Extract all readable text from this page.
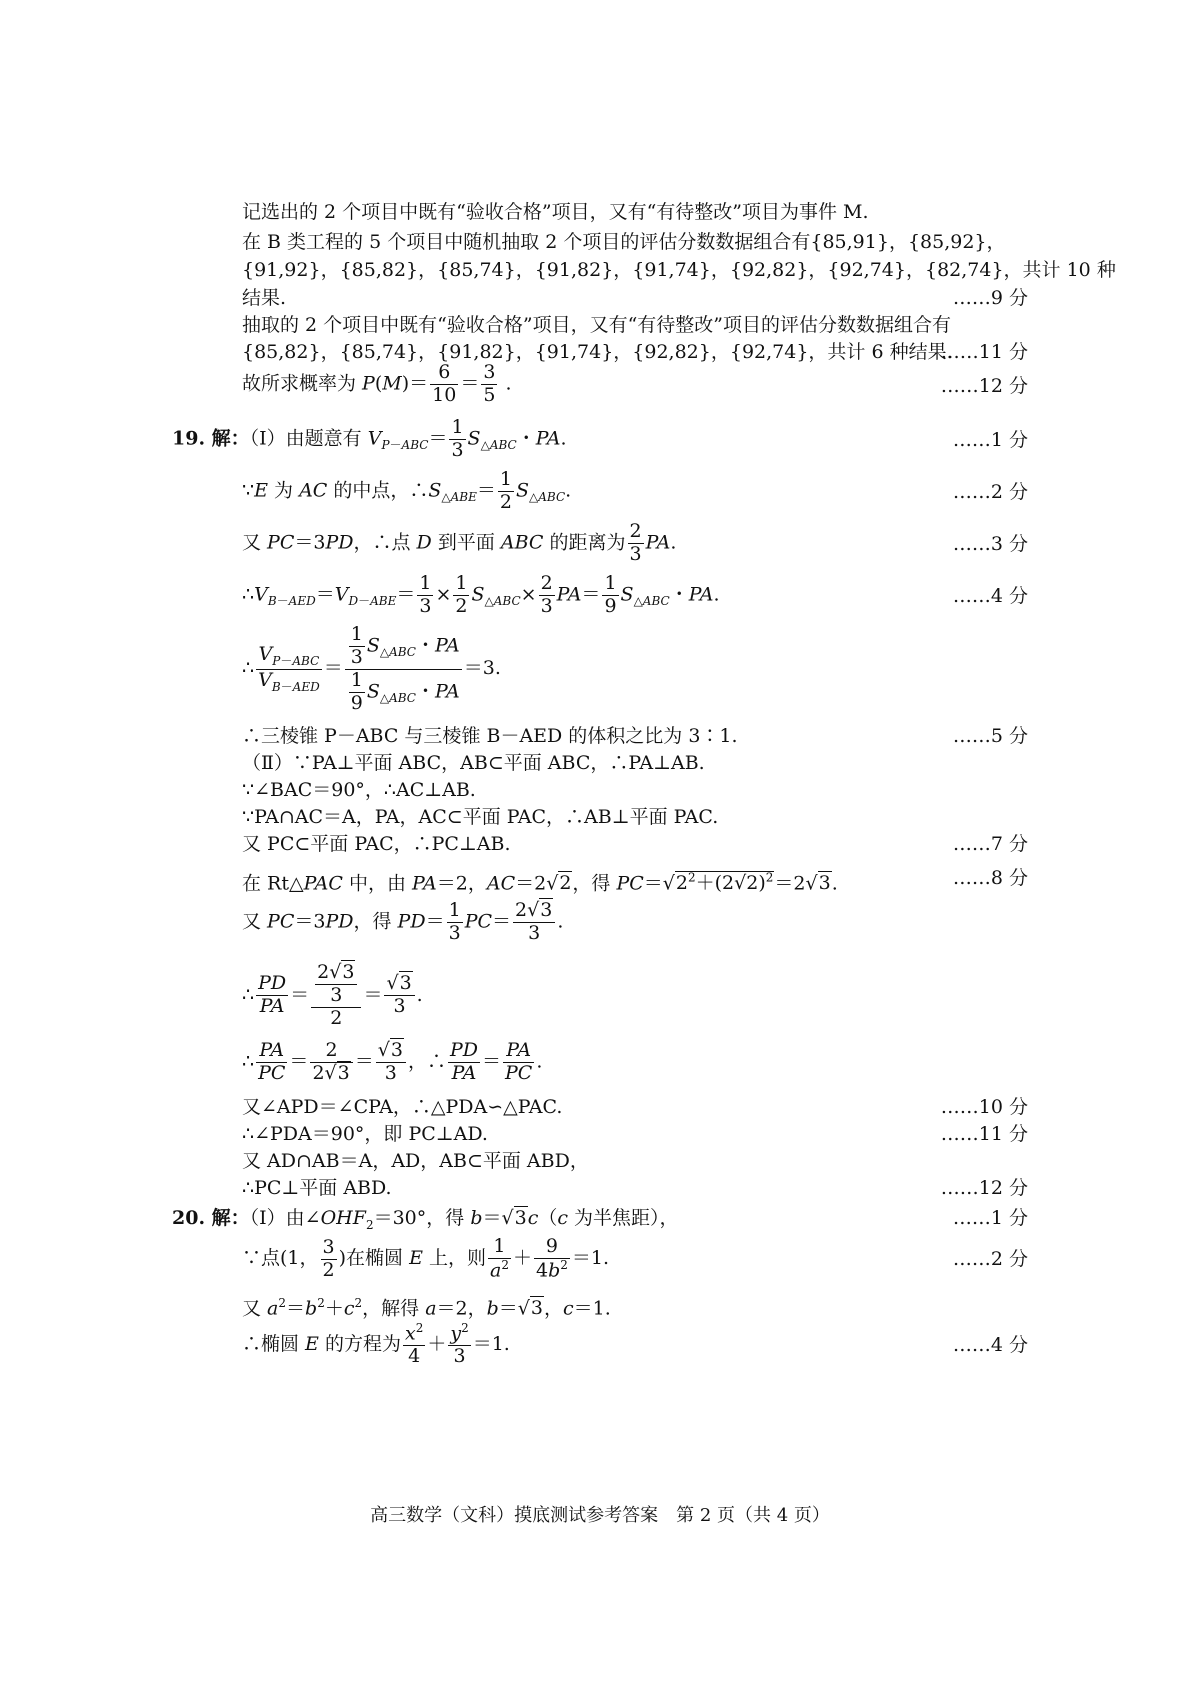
记选出的 2 个项目中既有“验收合格”项目，又有“有待整改”项目为事件 M.
在 B 类工程的 5 个项目中随机抽取 2 个项目的评估分数数据组合有{85,91}，{85,92}，
{91,92}，{85,82}，{85,74}，{91,82}，{91,74}，{92,82}，{92,74}，{82,74}，共计 10 种
结果.	……9 分
抽取的 2 个项目中既有“验收合格”项目，又有“有待整改”项目的评估分数数据组合有
{85,82}，{85,74}，{91,82}，{91,74}，{92,82}，{92,74}，共计 6 种结果.
……11 分
故所求概率为 $P(M)= \frac{6}{10} = \frac{3}{5}$ .	……12 分
19. 解：（Ⅰ）由题意有 $V_{P-ABC}= \frac{1}{3} S_{\triangle ABC}$・PA.	……1 分
∵E 为 AC 的中点，$\therefore S_{\triangle ABE}= \frac{1}{2} S_{\triangle ABC}$.	……2 分
又 PC＝3PD，∴点 D 到平面 ABC 的距离为 $\frac{2}{3}$ PA.	……3 分
$\therefore V_{B-AED}=V_{D-ABE}= \frac{1}{3} \times \frac{1}{2} S_{\triangle ABC}\times \frac{2}{3} PA= \frac{1}{9} S_{\triangle ABC}$・PA.	……4 分
∴
$V_{P-ABC}$
$V_{B-AED}$
＝ $\frac{1}{3} S_{\triangle ABC}$・PA
$\frac{1}{9} S_{\triangle ABC}$・PA
＝3.
∴三棱锥 P－ABC 与三棱锥 B－AED 的体积之比为 3∶1.	……5 分
（Ⅱ）∵PA⊥平面 ABC，AB⊂平面 ABC，∴PA⊥AB.
∵∠BAC＝90°，∴AC⊥AB.
∵PA∩AC＝A，PA，AC⊂平面 PAC，∴AB⊥平面 PAC.
又 PC⊂平面 PAC，∴PC⊥AB.	……7 分
在 Rt△PAC 中，由 PA＝2，AC＝2√2，得 $PC=√2^2+(2√2)^2=2√3$.	……8 分
又 PC＝3PD，得 $PD= \frac{1}{3} PC= \frac{2√3}{3}$ .
∴ $\frac{PD}{PA} = \frac{\frac{2√3}{3}}{2} = \frac{√3}{3}$ .
∴ $\frac{PA}{PC} = \frac{2}{2√3} = \frac{√3}{3}$ ，∴ $\frac{PD}{PA} = \frac{PA}{PC}$ .
又∠APD＝∠CPA，∴△PDA∽△PAC.	……10 分
∴∠PDA＝90°，即 PC⊥AD.	……11 分
又 AD∩AB＝A，AD，AB⊂平面 ABD，
∴PC⊥平面 ABD.	……12 分
20. 解：（Ⅰ）由$\angle OHF_2=30^\circ$，得 b＝√3c（c 为半焦距），	……1 分
∵点(1， $\frac{3}{2}$ )在椭圆 E 上，则 $\frac{1}{a^2} + \frac{9}{4b^2} =1$.	……2 分
又 $a^2=b^2+c^2$，解得 a＝2，b＝√3，c＝1.
∴椭圆 E 的方程为 $\frac{x^2}{4} + \frac{y^2}{3} =1$.	……4 分
高三数学（文科）摸底测试参考答案　第 2 页（共 4 页）
